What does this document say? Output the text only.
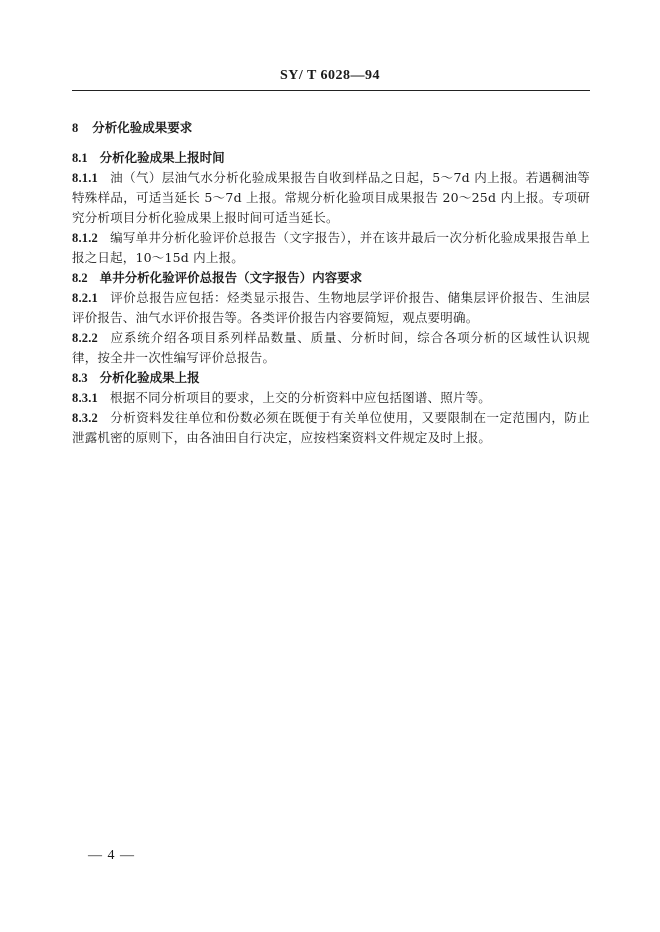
SY/ T 6028—94
8 分析化验成果要求
8.1 分析化验成果上报时间

8.1.1 油（气）层油气水分析化验成果报告自收到样品之日起，5～7d 内上报。若遇稠油等特殊样品，可适当延长 5～7d 上报。常规分析化验项目成果报告 20～25d 内上报。专项研究分析项目分析化验成果上报时间可适当延长。

8.1.2 编写单井分析化验评价总报告（文字报告），并在该井最后一次分析化验成果报告单上报之日起，10～15d 内上报。

8.2 单井分析化验评价总报告（文字报告）内容要求

8.2.1 评价总报告应包括：烃类显示报告、生物地层学评价报告、储集层评价报告、生油层评价报告、油气水评价报告等。各类评价报告内容要简短，观点要明确。

8.2.2 应系统介绍各项目系列样品数量、质量、分析时间，综合各项分析的区域性认识规律，按全井一次性编写评价总报告。

8.3 分析化验成果上报

8.3.1 根据不同分析项目的要求，上交的分析资料中应包括图谱、照片等。

8.3.2 分析资料发往单位和份数必须在既便于有关单位使用，又要限制在一定范围内，防止泄露机密的原则下，由各油田自行决定，应按档案资料文件规定及时上报。

— 4 —
